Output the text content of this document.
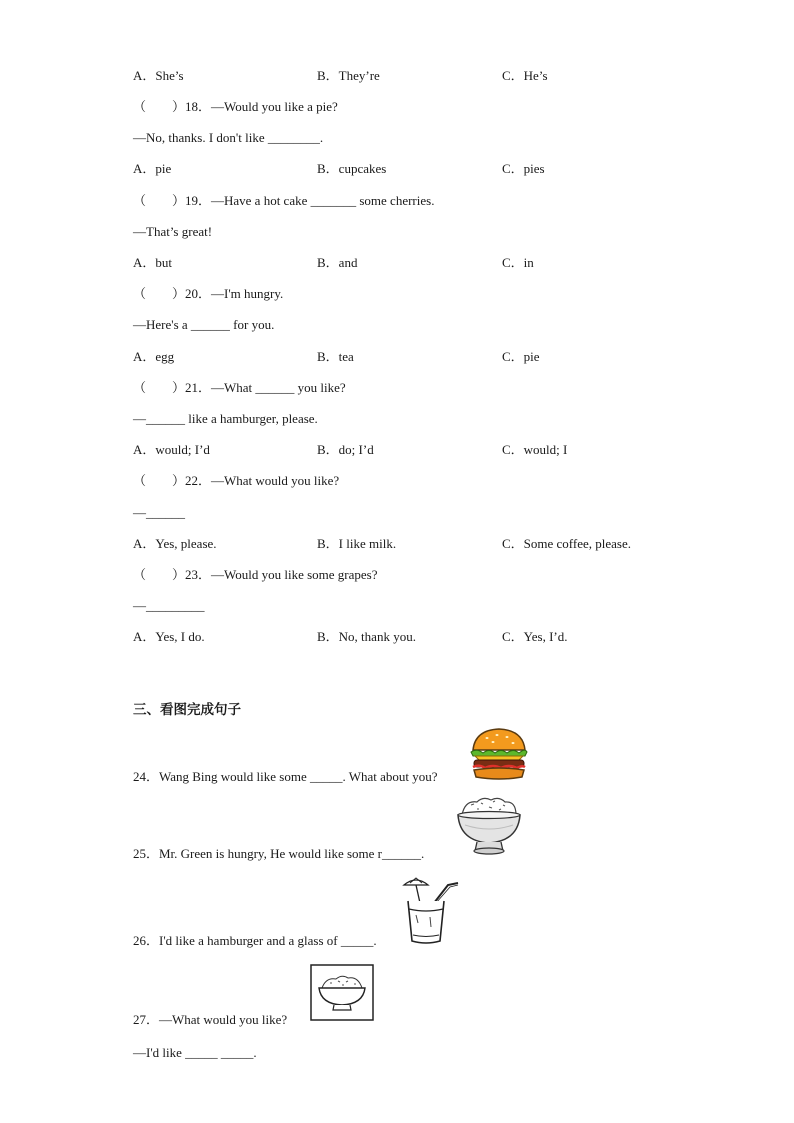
A．She’s	B．They’re	C．He’s
（　　）18．—Would you like a pie?
—No, thanks. I don't like ________.
A．pie	B．cupcakes	C．pies
（　　）19．—Have a hot cake _______ some cherries.
—That’s great!
A．but	B．and	C．in
（　　）20．—I'm hungry.
—Here's a ______ for you.
A．egg	B．tea	C．pie
（　　）21．—What ______ you like?
—______ like a hamburger, please.
A．would; I’d	B．do; I’d	C．would; I
（　　）22．—What would you like?
—______
A．Yes, please.	B．I like milk.	C．Some coffee, please.
（　　）23．—Would you like some grapes?
—_________
A．Yes, I do.	B．No, thank you.	C．Yes, I’d.
三、看图完成句子
24．Wang Bing would like some _____. What about you?
25．Mr. Green is hungry, He would like some r______.
26．I'd like a hamburger and a glass of _____.
27．—What would you like?
—I'd like _____ _____.
